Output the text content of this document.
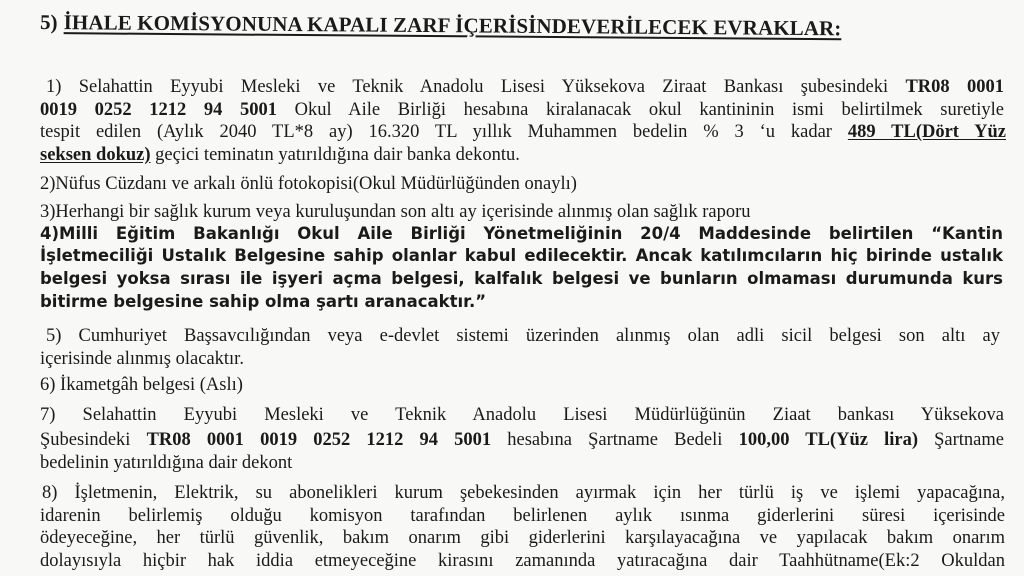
5) İHALE KOMİSYONUNA KAPALI ZARF İÇERİSİNDEVERİLECEK EVRAKLAR:
1) Selahattin Eyyubi Mesleki ve Teknik Anadolu Lisesi Yüksekova Ziraat Bankası şubesindeki TR08 0001
0019 0252 1212 94 5001 Okul Aile Birliği hesabına kiralanacak okul kantininin ismi belirtilmek suretiyle
tespit edilen (Aylık 2040 TL*8 ay) 16.320 TL yıllık Muhammen bedelin % 3 ‘u kadar 489 TL(Dört Yüz
seksen dokuz) geçici teminatın yatırıldığına dair banka dekontu.
2)Nüfus Cüzdanı ve arkalı önlü fotokopisi(Okul Müdürlüğünden onaylı)
3)Herhangi bir sağlık kurum veya kuruluşundan son altı ay içerisinde alınmış olan sağlık raporu
4)Milli Eğitim Bakanlığı Okul Aile Birliği Yönetmeliğinin 20/4 Maddesinde belirtilen “Kantin
İşletmeciliği Ustalık Belgesine sahip olanlar kabul edilecektir. Ancak katılımcıların hiç birinde ustalık
belgesi yoksa sırası ile işyeri açma belgesi, kalfalık belgesi ve bunların olmaması durumunda kurs
bitirme belgesine sahip olma şartı aranacaktır.”
5) Cumhuriyet Başsavcılığından veya e-devlet sistemi üzerinden alınmış olan adli sicil belgesi son altı ay
içerisinde alınmış olacaktır.
6) İkametgâh belgesi (Aslı)
7) Selahattin Eyyubi Mesleki ve Teknik Anadolu Lisesi Müdürlüğünün Ziaat bankası Yüksekova
Şubesindeki TR08 0001 0019 0252 1212 94 5001 hesabına Şartname Bedeli 100,00 TL(Yüz lira) Şartname
bedelinin yatırıldığına dair dekont
8) İşletmenin, Elektrik, su abonelikleri kurum şebekesinden ayırmak için her türlü iş ve işlemi yapacağına,
idarenin belirlemiş olduğu komisyon tarafından belirlenen aylık ısınma giderlerini süresi içerisinde
ödeyeceğine, her türlü güvenlik, bakım onarım gibi giderlerini karşılayacağına ve yapılacak bakım onarım
dolayısıyla hiçbir hak iddia etmeyeceğine kirasını zamanında yatıracağına dair Taahhütname(Ek:2 Okuldan
